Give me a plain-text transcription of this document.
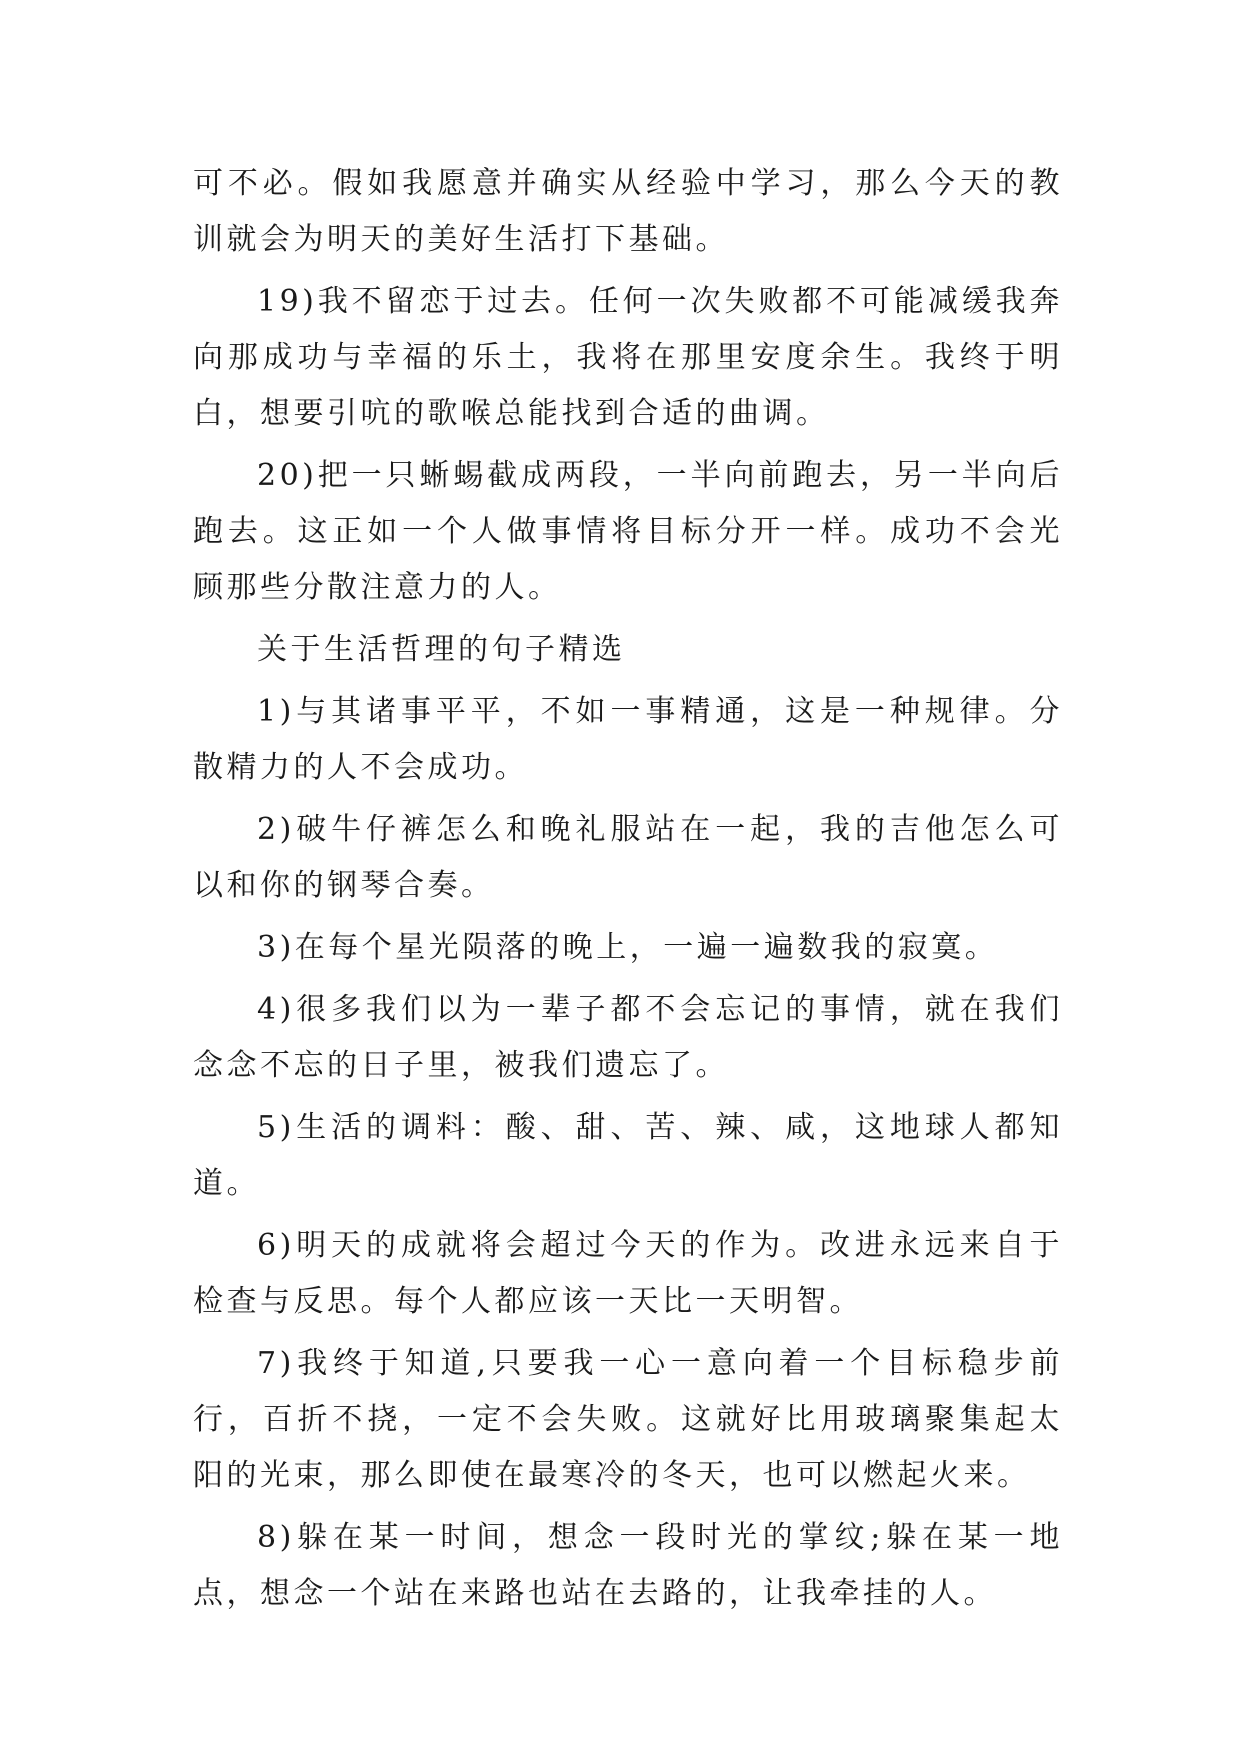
可不必。假如我愿意并确实从经验中学习，那么今天的教训就会为明天的美好生活打下基础。

19)我不留恋于过去。任何一次失败都不可能减缓我奔向那成功与幸福的乐土，我将在那里安度余生。我终于明白，想要引吭的歌喉总能找到合适的曲调。

20)把一只蜥蜴截成两段，一半向前跑去，另一半向后跑去。这正如一个人做事情将目标分开一样。成功不会光顾那些分散注意力的人。

关于生活哲理的句子精选

1)与其诸事平平，不如一事精通，这是一种规律。分散精力的人不会成功。

2)破牛仔裤怎么和晚礼服站在一起，我的吉他怎么可以和你的钢琴合奏。

3)在每个星光陨落的晚上，一遍一遍数我的寂寞。

4)很多我们以为一辈子都不会忘记的事情，就在我们念念不忘的日子里，被我们遗忘了。

5)生活的调料：酸、甜、苦、辣、咸，这地球人都知道。

6)明天的成就将会超过今天的作为。改进永远来自于检查与反思。每个人都应该一天比一天明智。

7)我终于知道,只要我一心一意向着一个目标稳步前行，百折不挠，一定不会失败。这就好比用玻璃聚集起太阳的光束，那么即使在最寒冷的冬天，也可以燃起火来。

8)躲在某一时间，想念一段时光的掌纹;躲在某一地点，想念一个站在来路也站在去路的，让我牵挂的人。
